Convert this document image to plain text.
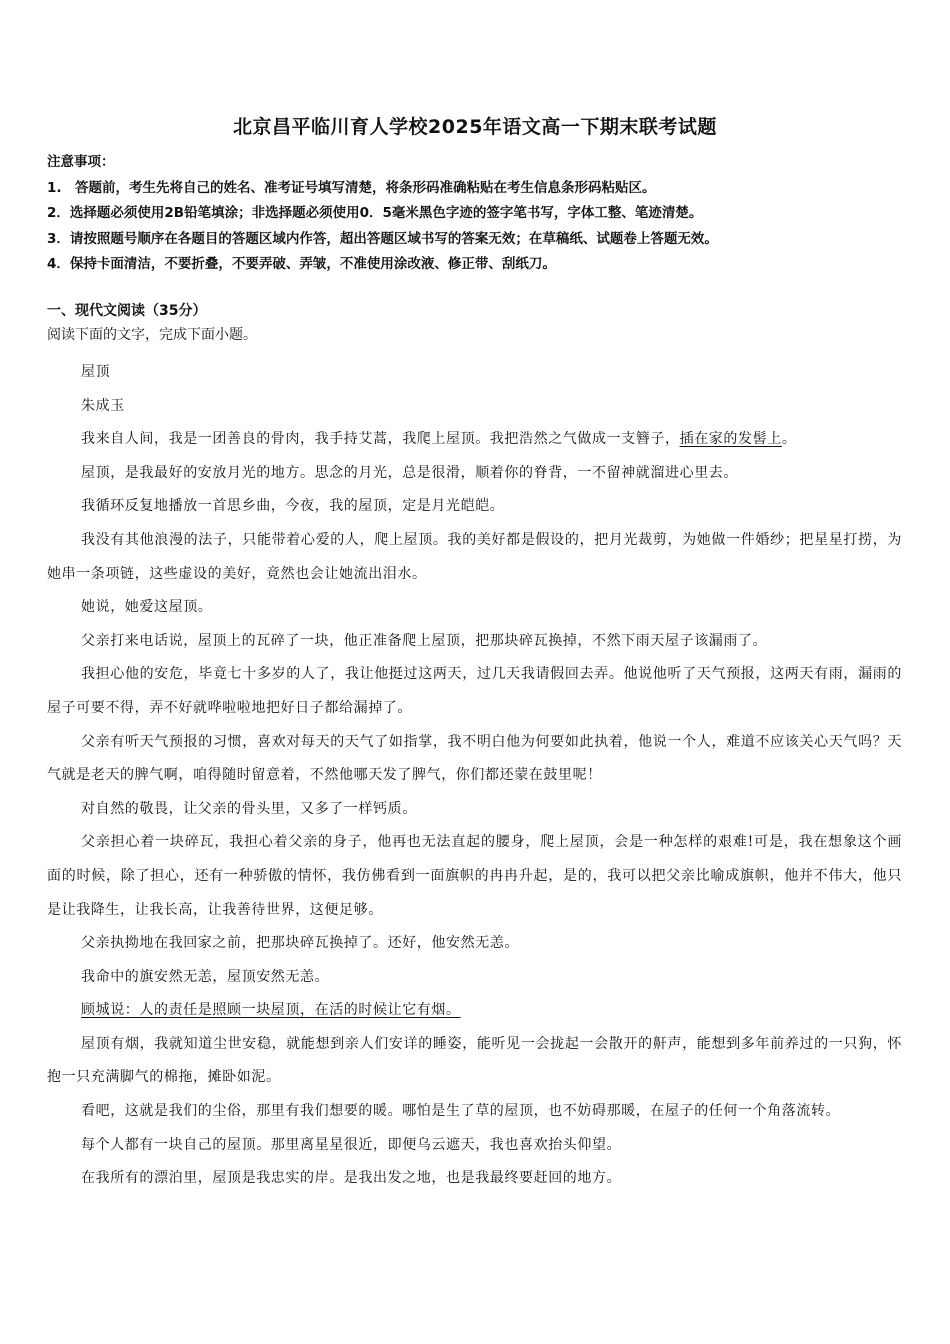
北京昌平临川育人学校2025年语文高一下期末联考试题
注意事项：
1.　答题前，考生先将自己的姓名、准考证号填写清楚，将条形码准确粘贴在考生信息条形码粘贴区。
2．选择题必须使用2B铅笔填涂；非选择题必须使用0．5毫米黑色字迹的签字笔书写，字体工整、笔迹清楚。
3．请按照题号顺序在各题目的答题区域内作答，超出答题区域书写的答案无效；在草稿纸、试题卷上答题无效。
4．保持卡面清洁，不要折叠，不要弄破、弄皱，不准使用涂改液、修正带、刮纸刀。
一、现代文阅读（35分）
阅读下面的文字，完成下面小题。

屋顶

朱成玉

我来自人间，我是一团善良的骨肉，我手持艾蒿，我爬上屋顶。我把浩然之气做成一支簪子，插在家的发髻上。

屋顶，是我最好的安放月光的地方。思念的月光，总是很滑，顺着你的脊背，一不留神就溜进心里去。

我循环反复地播放一首思乡曲，今夜，我的屋顶，定是月光皑皑。

我没有其他浪漫的法子，只能带着心爱的人，爬上屋顶。我的美好都是假设的，把月光裁剪，为她做一件婚纱；把星星打捞，为她串一条项链，这些虚设的美好，竟然也会让她流出泪水。

她说，她爱这屋顶。

父亲打来电话说，屋顶上的瓦碎了一块，他正准备爬上屋顶，把那块碎瓦换掉，不然下雨天屋子该漏雨了。

我担心他的安危，毕竟七十多岁的人了，我让他挺过这两天，过几天我请假回去弄。他说他听了天气预报，这两天有雨，漏雨的屋子可要不得，弄不好就哗啦啦地把好日子都给漏掉了。

父亲有听天气预报的习惯，喜欢对每天的天气了如指掌，我不明白他为何要如此执着，他说一个人，难道不应该关心天气吗？天气就是老天的脾气啊，咱得随时留意着，不然他哪天发了脾气，你们都还蒙在鼓里呢！

对自然的敬畏，让父亲的骨头里，又多了一样钙质。

父亲担心着一块碎瓦，我担心着父亲的身子，他再也无法直起的腰身，爬上屋顶，会是一种怎样的艰难!可是，我在想象这个画面的时候，除了担心，还有一种骄傲的情怀，我仿佛看到一面旗帜的冉冉升起，是的，我可以把父亲比喻成旗帜，他并不伟大，他只是让我降生，让我长高，让我善待世界，这便足够。

父亲执拗地在我回家之前，把那块碎瓦换掉了。还好，他安然无恙。

我命中的旗安然无恙，屋顶安然无恙。

顾城说：人的责任是照顾一块屋顶，在活的时候让它有烟。

屋顶有烟，我就知道尘世安稳，就能想到亲人们安详的睡姿，能听见一会拢起一会散开的鼾声，能想到多年前养过的一只狗，怀抱一只充满脚气的棉拖，摊卧如泥。

看吧，这就是我们的尘俗，那里有我们想要的暖。哪怕是生了草的屋顶，也不妨碍那暖，在屋子的任何一个角落流转。

每个人都有一块自己的屋顶。那里离星星很近，即便乌云遮天，我也喜欢抬头仰望。

在我所有的漂泊里，屋顶是我忠实的岸。是我出发之地，也是我最终要赶回的地方。
